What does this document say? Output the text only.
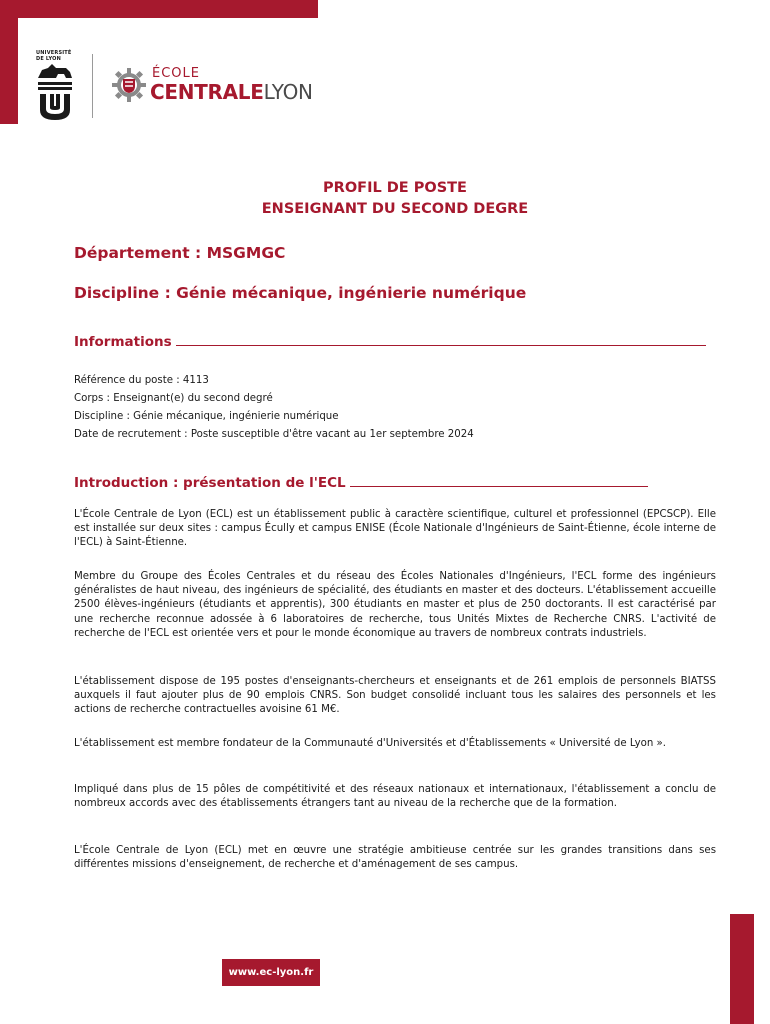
UNIVERSITÉ
DE LYON
ÉCOLE
CENTRALELYON
PROFIL DE POSTE
ENSEIGNANT DU SECOND DEGRE
Département : MSGMGC
Discipline : Génie mécanique, ingénierie numérique
Informations
Référence du poste : 4113
Corps : Enseignant(e) du second degré
Discipline : Génie mécanique, ingénierie numérique
Date de recrutement : Poste susceptible d'être vacant au 1er septembre 2024
Introduction : présentation de l'ECL

L'École Centrale de Lyon (ECL) est un établissement public à caractère scientifique, culturel et professionnel (EPCSCP). Elle est installée sur deux sites : campus Écully et campus ENISE (École Nationale d'Ingénieurs de Saint-Étienne, école interne de l'ECL) à Saint-Étienne.

Membre du Groupe des Écoles Centrales et du réseau des Écoles Nationales d'Ingénieurs, l'ECL forme des ingénieurs généralistes de haut niveau, des ingénieurs de spécialité, des étudiants en master et des docteurs. L'établissement accueille 2500 élèves-ingénieurs (étudiants et apprentis), 300 étudiants en master et plus de 250 doctorants. Il est caractérisé par une recherche reconnue adossée à 6 laboratoires de recherche, tous Unités Mixtes de Recherche CNRS. L'activité de recherche de l'ECL est orientée vers et pour le monde économique au travers de nombreux contrats industriels.

L'établissement dispose de 195 postes d'enseignants-chercheurs et enseignants et de 261 emplois de personnels BIATSS auxquels il faut ajouter plus de 90 emplois CNRS. Son budget consolidé incluant tous les salaires des personnels et les actions de recherche contractuelles avoisine 61 M€.

L'établissement est membre fondateur de la Communauté d'Universités et d'Établissements « Université de Lyon ».

Impliqué dans plus de 15 pôles de compétitivité et des réseaux nationaux et internationaux, l'établissement a conclu de nombreux accords avec des établissements étrangers tant au niveau de la recherche que de la formation.

L'École Centrale de Lyon (ECL) met en œuvre une stratégie ambitieuse centrée sur les grandes transitions dans ses différentes missions d'enseignement, de recherche et d'aménagement de ses campus.

www.ec-lyon.fr
